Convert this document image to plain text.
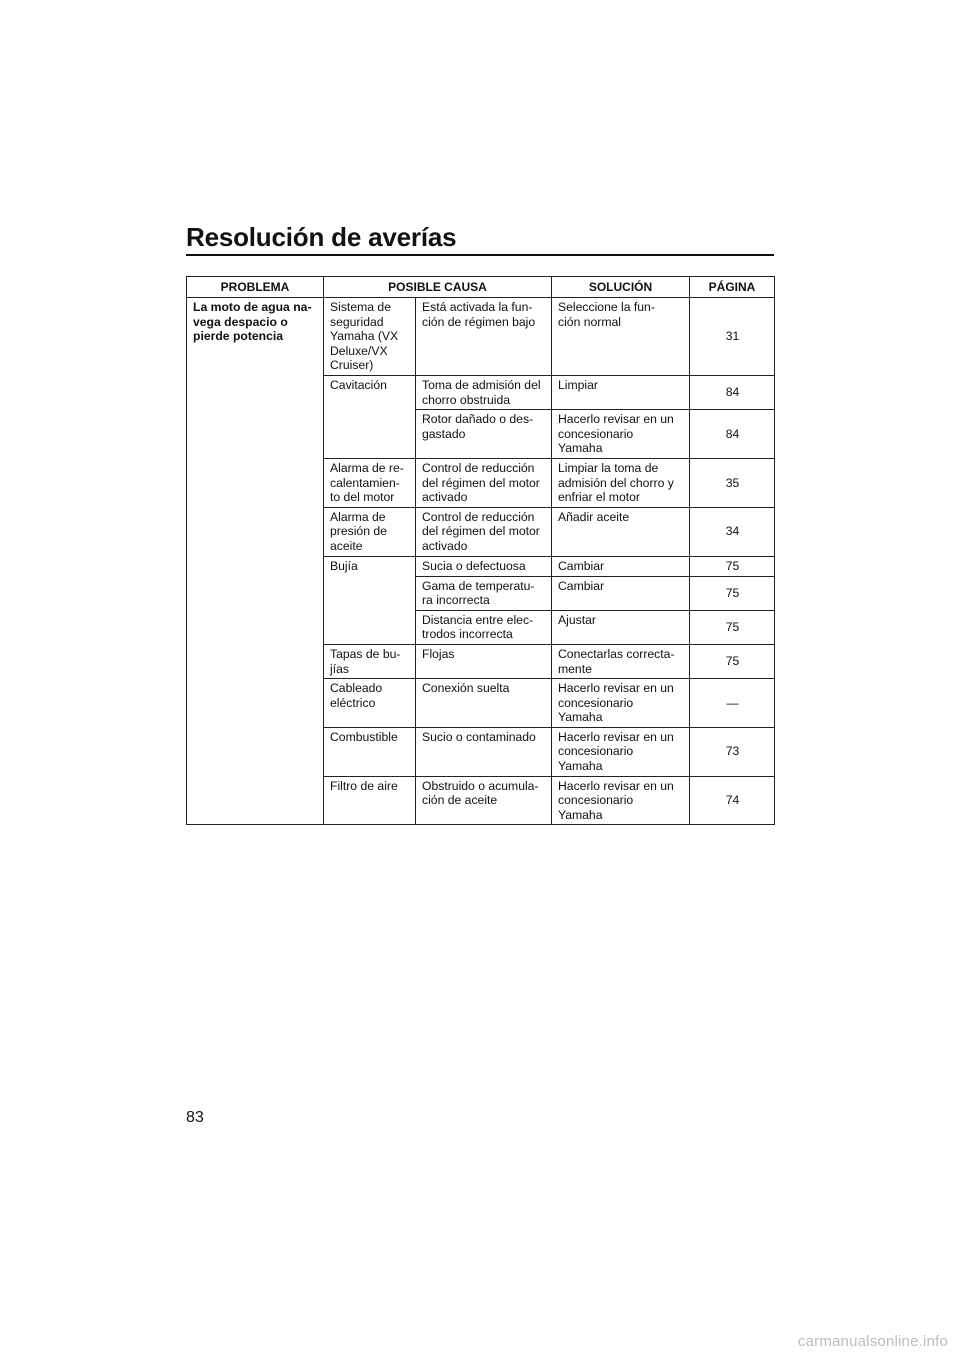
Resolución de averías
PROBLEMA	POSIBLE CAUSA		SOLUCIÓN	PÁGINA
La moto de agua na-
vega despacio o
pierde potencia	Sistema de
seguridad
Yamaha (VX
Deluxe/VX
Cruiser)	Está activada la fun-
ción de régimen bajo	Seleccione la fun-
ción normal	31
	Cavitación	Toma de admisión del
chorro obstruida	Limpiar	84
		Rotor dañado o des-
gastado	Hacerlo revisar en un
concesionario
Yamaha	84
	Alarma de re-
calentamien-
to del motor	Control de reducción
del régimen del motor
activado	Limpiar la toma de
admisión del chorro y
enfriar el motor	35
	Alarma de
presión de
aceite	Control de reducción
del régimen del motor
activado	Añadir aceite	34
	Bujía	Sucia o defectuosa	Cambiar	75
		Gama de temperatu-
ra incorrecta	Cambiar	75
		Distancia entre elec-
trodos incorrecta	Ajustar	75
	Tapas de bu-
jías	Flojas	Conectarlas correcta-
mente	75
	Cableado
eléctrico	Conexión suelta	Hacerlo revisar en un
concesionario
Yamaha	—
	Combustible	Sucio o contaminado	Hacerlo revisar en un
concesionario
Yamaha	73
	Filtro de aire	Obstruido o acumula-
ción de aceite	Hacerlo revisar en un
concesionario
Yamaha	74
83
carmanualsonline.info
